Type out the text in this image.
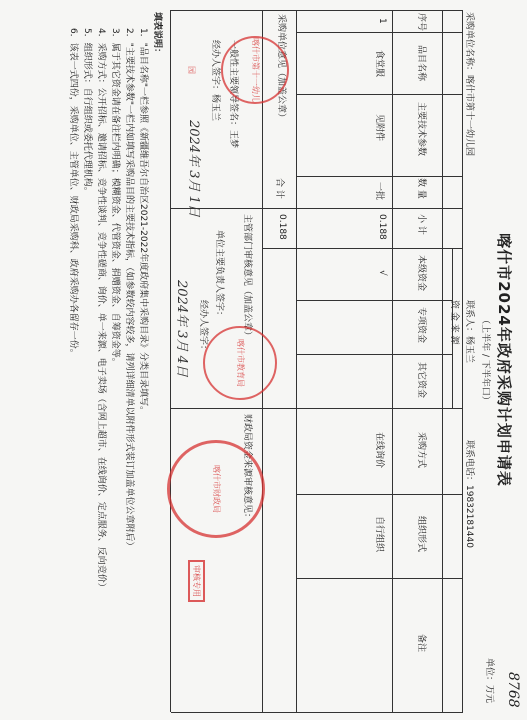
喀什市2024年政府采购计划申请表
（上半年 / 下半年口）
单位：万元 8768
采购单位名称：喀什市第十一幼儿园
联系人：杨玉兰
联系电话：19832181440
序号
品目名称
主要技术参数
数 量
小 计
资 金 来 源
本级资金
专项资金
其它资金
采购方式
组织形式
备注
1
食堂服
见附件
一批
0.188
√
在线询价
自行组织
合 计
0.188
采购单位意见（加盖公章）
一般性主要领导签名：王梦
经办人签字：杨玉兰
2024年 3月 1日
主管部门审核意见（加盖公章）
单位主要负责人签字：
经办人签字：
2024年 3月 4日
财政局资金来源审核意见：
喀什市第十一幼儿园
喀什市教育局
喀什市财政局
审核专用
填表说明：
1．"品目名称"一栏参照《新疆维吾尔自治区2021-2022年度政府集中采购目录》分类目录填写。
2．"主要技术参数"一栏内如填写采购品目的主要技术指标，（如参数较内容较多，请列详细清单以附件形式装订加盖单位公章附后）
3．属于其它资金请在备注栏内明确；模糊资金、代管资金、捐赠资金、自筹资金等。
4．采购方式：公开招标、邀请招标、竞争性谈判、竞争性磋商、询价、单一来源、电子卖场（含网上超市、在线询价、定点服务、反向竞价）
5．组织形式：自行组织或委托代理机构。
6．该表一式四份，采购单位、主管单位、财政局采购科、政府采购办各留存一份。
